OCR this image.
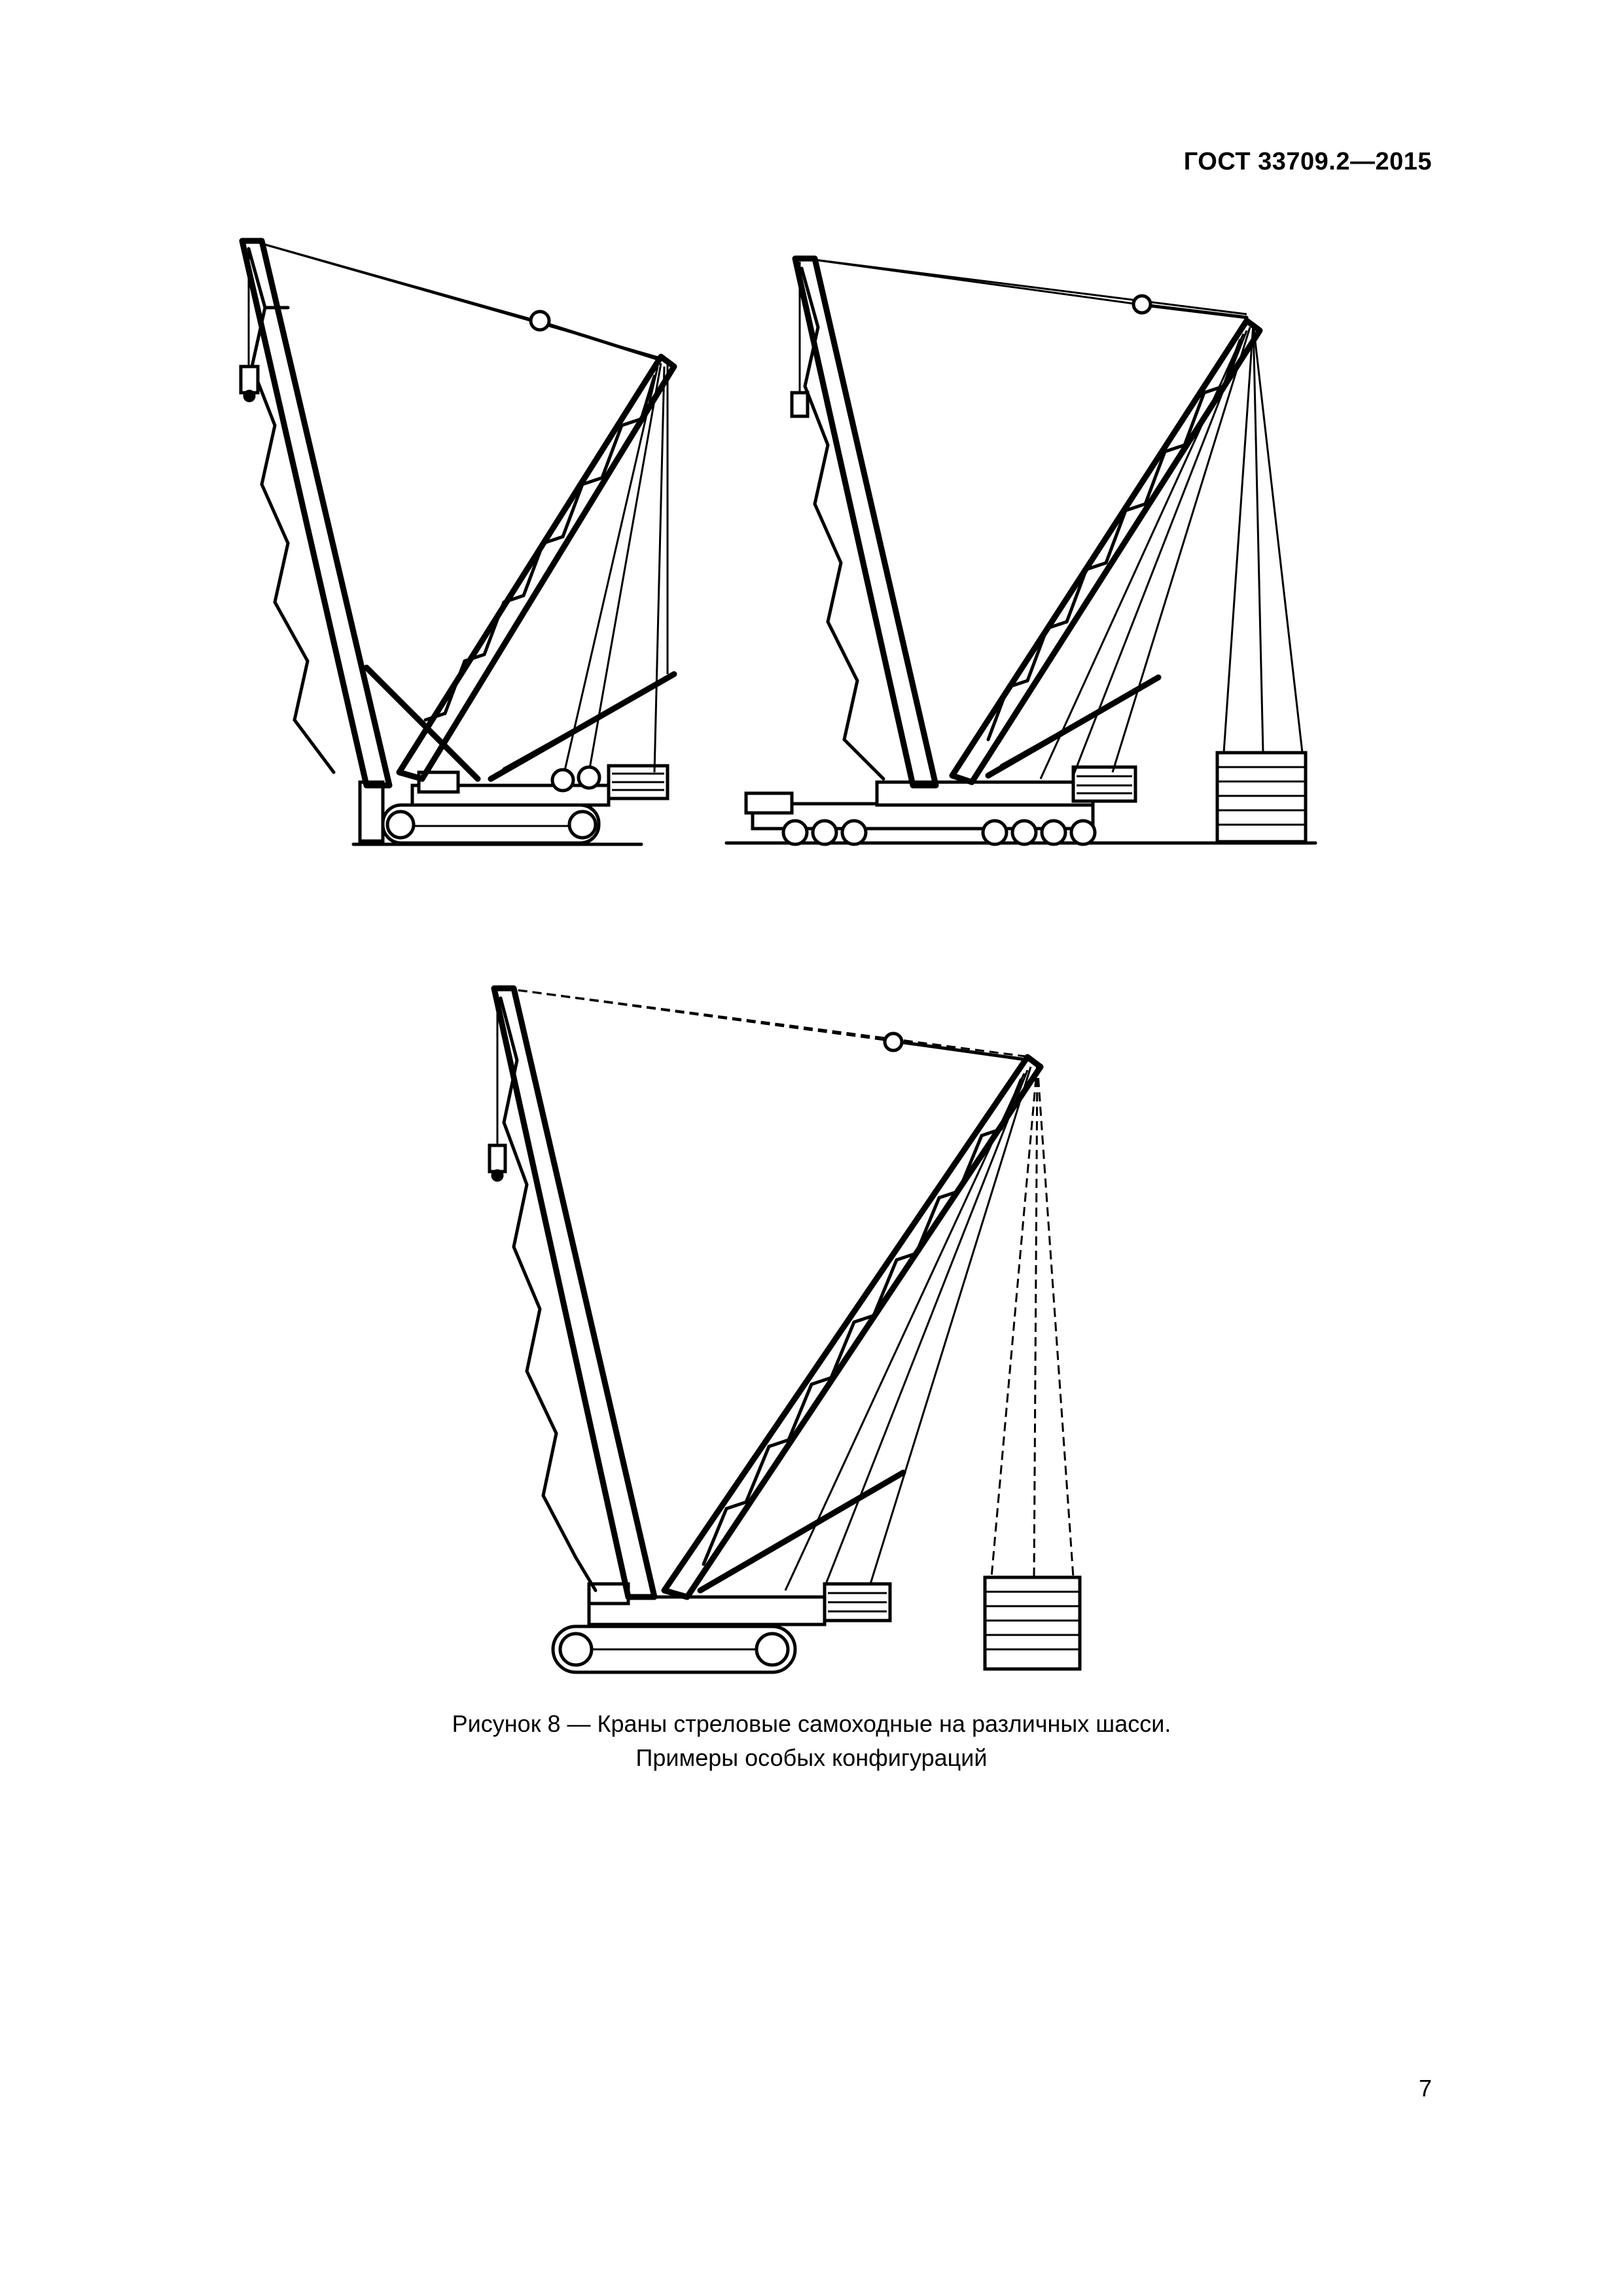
ГОСТ 33709.2—2015
Рисунок 8 — Краны стреловые самоходные на различных шасси.

Примеры особых конфигураций
7
